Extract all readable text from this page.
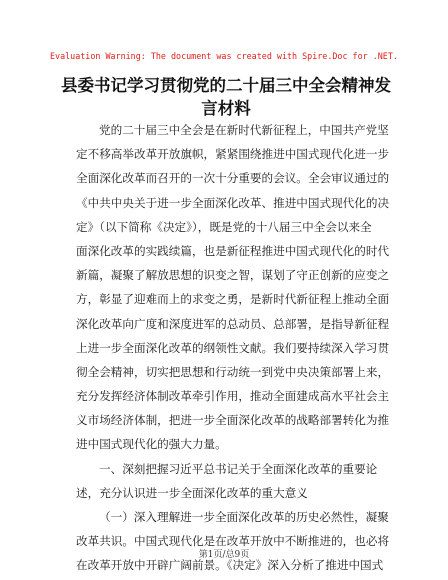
Evaluation Warning: The document was created with Spire.Doc for .NET.
县委书记学习贯彻党的二十届三中全会精神发言材料
党的二十届三中全会是在新时代新征程上，中国共产党坚
定不移高举改革开放旗帜，紧紧围绕推进中国式现代化进一步
全面深化改革而召开的一次十分重要的会议。全会审议通过的
《中共中央关于进一步全面深化改革、推进中国式现代化的决
定》（以下简称《决定》），既是党的十八届三中全会以来全
面深化改革的实践续篇，也是新征程推进中国式现代化的时代
新篇，凝聚了解放思想的识变之智，谋划了守正创新的应变之
方，彰显了迎难而上的求变之勇，是新时代新征程上推动全面
深化改革向广度和深度进军的总动员、总部署，是指导新征程
上进一步全面深化改革的纲领性文献。我们要持续深入学习贯
彻全会精神，切实把思想和行动统一到党中央决策部署上来，
充分发挥经济体制改革牵引作用，推动全面建成高水平社会主
义市场经济体制，把进一步全面深化改革的战略部署转化为推
进中国式现代化的强大力量。
一、深刻把握习近平总书记关于全面深化改革的重要论
述，充分认识进一步全面深化改革的重大意义
（一）深入理解进一步全面深化改革的历史必然性，凝聚
改革共识。中国式现代化是在改革开放中不断推进的，也必将
在改革开放中开辟广阔前景。《决定》深入分析了推进中国式
第1页/总9页
